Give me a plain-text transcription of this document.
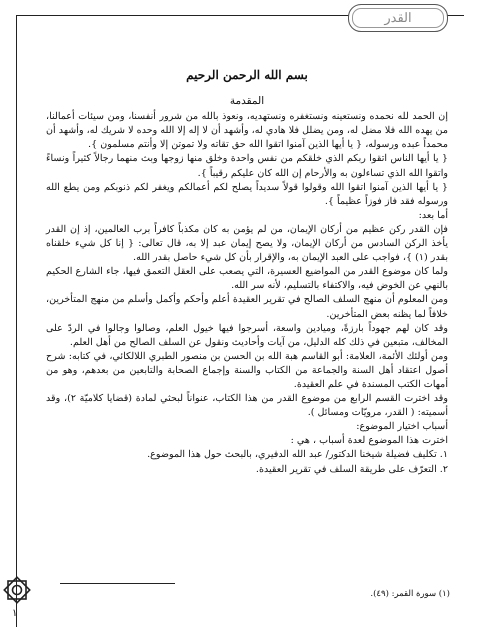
القدر

بسم الله الرحمن الرحيم

المقدمة

إن الحمد لله نحمده ونستعينه ونستغفره ونستهديه، ونعوذ بالله من شرور أنفسنا، ومن سيئات أعمالنا، من يهده الله فلا مضل له، ومن يضلل فلا هادي له، وأشهد أن لا إله إلا الله وحده لا شريك له، وأشهد أن محمداً عبده ورسوله، { يا أيها الذين آمنوا اتقوا الله حق تقاته ولا تموتن إلا وأنتم مسلمون }.

{ يا أيها الناس اتقوا ربكم الذي خلقكم من نفس واحدة وخلق منها زوجها وبث منهما رجالاً كثيراً ونساءً واتقوا الله الذي تساءلون به والأرحام إن الله كان عليكم رقيباً }.

{ يا أيها الذين آمنوا اتقوا الله وقولوا قولاً سديداً يصلح لكم أعمالكم ويغفر لكم ذنوبكم ومن يطع الله ورسوله فقد فاز فوزاً عظيماً }.

أما بعد:

فإن القدر ركن عظيم من أركان الإيمان، من لم يؤمن به كان مكذباً كافراً برب العالمين، إذ إن القدر يأخذ الركن السادس من أركان الإيمان، ولا يصح إيمان عبد إلا به، قال تعالى: { إنا كل شيء خلقناه بقدر (١) }، فواجب على العبد الإيمان به، والإقرار بأن كل شيء حاصل بقدر الله.

ولما كان موضوع القدر من المواضيع العسيرة، التي يصعب على العقل التعمق فيها، جاء الشارع الحكيم بالنهي عن الخوض فيه، والاكتفاء بالتسليم، لأنه سر الله.

ومن المعلوم أن منهج السلف الصالح في تقرير العقيدة أعلم وأحكم وأكمل وأسلم من منهج المتأخرين، خلافاً لما يظنه بعض المتأخرين.

وقد كان لهم جهوداً بارزةً، وميادين واسعة، أسرجوا فيها خيول العلم، وصالوا وجالوا في الردّ على المخالف، متبعين في ذلك كله الدليل، من آيات وأحاديث ونقول عن السلف الصالح من أهل العلم.

ومن أولئك الأئمة، العلامة: أبو القاسم هبة الله بن الحسن بن منصور الطبري اللالكائي، في كتابه: شرح أصول اعتقاد أهل السنة والجماعة من الكتاب والسنة وإجماع الصحابة والتابعين من بعدهم، وهو من أمهات الكتب المسندة في علم العقيدة.

وقد اخترت القسم الرابع من موضوع القدر من هذا الكتاب، عنواناً لبحثي لمادة (قضايا كلاميّة ٢)، وقد أسميته: ( القدر، مرويّات ومسائل ).

أسباب اختيار الموضوع:

اخترت هذا الموضوع لعدة أسباب ، هي :

١. تكليف فضيلة شيخنا الدكتور/ عبد الله الدفيري، بالبحث حول هذا الموضوع.

٢. التعرّف على طريقة السلف في تقرير العقيدة.

(١) سورة القمر: (٤٩).
١
